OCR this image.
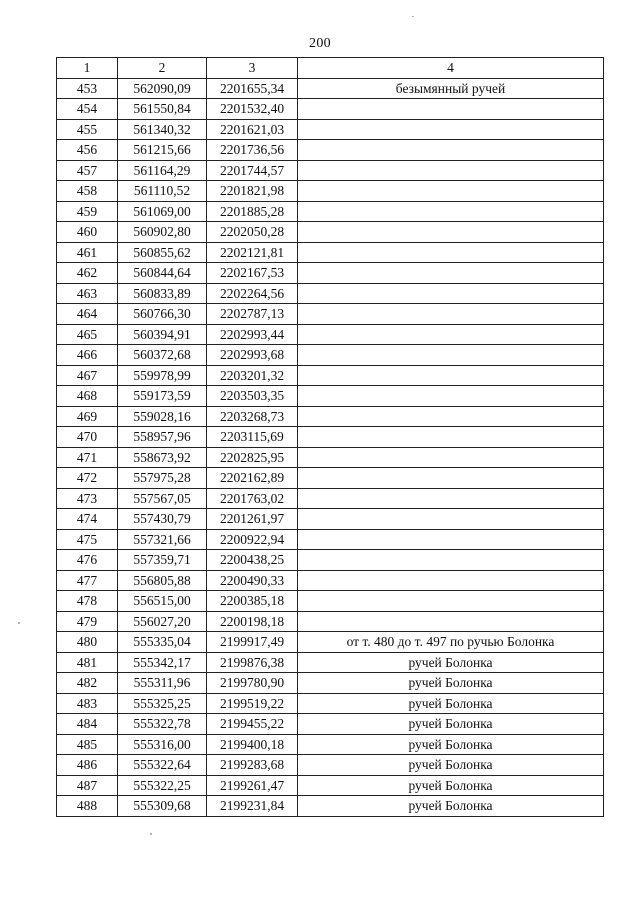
200
1	2	3	4
453	562090,09	2201655,34	безымянный ручей
454	561550,84	2201532,40	
455	561340,32	2201621,03	
456	561215,66	2201736,56	
457	561164,29	2201744,57	
458	561110,52	2201821,98	
459	561069,00	2201885,28	
460	560902,80	2202050,28	
461	560855,62	2202121,81	
462	560844,64	2202167,53	
463	560833,89	2202264,56	
464	560766,30	2202787,13	
465	560394,91	2202993,44	
466	560372,68	2202993,68	
467	559978,99	2203201,32	
468	559173,59	2203503,35	
469	559028,16	2203268,73	
470	558957,96	2203115,69	
471	558673,92	2202825,95	
472	557975,28	2202162,89	
473	557567,05	2201763,02	
474	557430,79	2201261,97	
475	557321,66	2200922,94	
476	557359,71	2200438,25	
477	556805,88	2200490,33	
478	556515,00	2200385,18	
479	556027,20	2200198,18	
480	555335,04	2199917,49	от т. 480 до т. 497 по ручью Болонка
481	555342,17	2199876,38	ручей Болонка
482	555311,96	2199780,90	ручей Болонка
483	555325,25	2199519,22	ручей Болонка
484	555322,78	2199455,22	ручей Болонка
485	555316,00	2199400,18	ручей Болонка
486	555322,64	2199283,68	ручей Болонка
487	555322,25	2199261,47	ручей Болонка
488	555309,68	2199231,84	ручей Болонка
